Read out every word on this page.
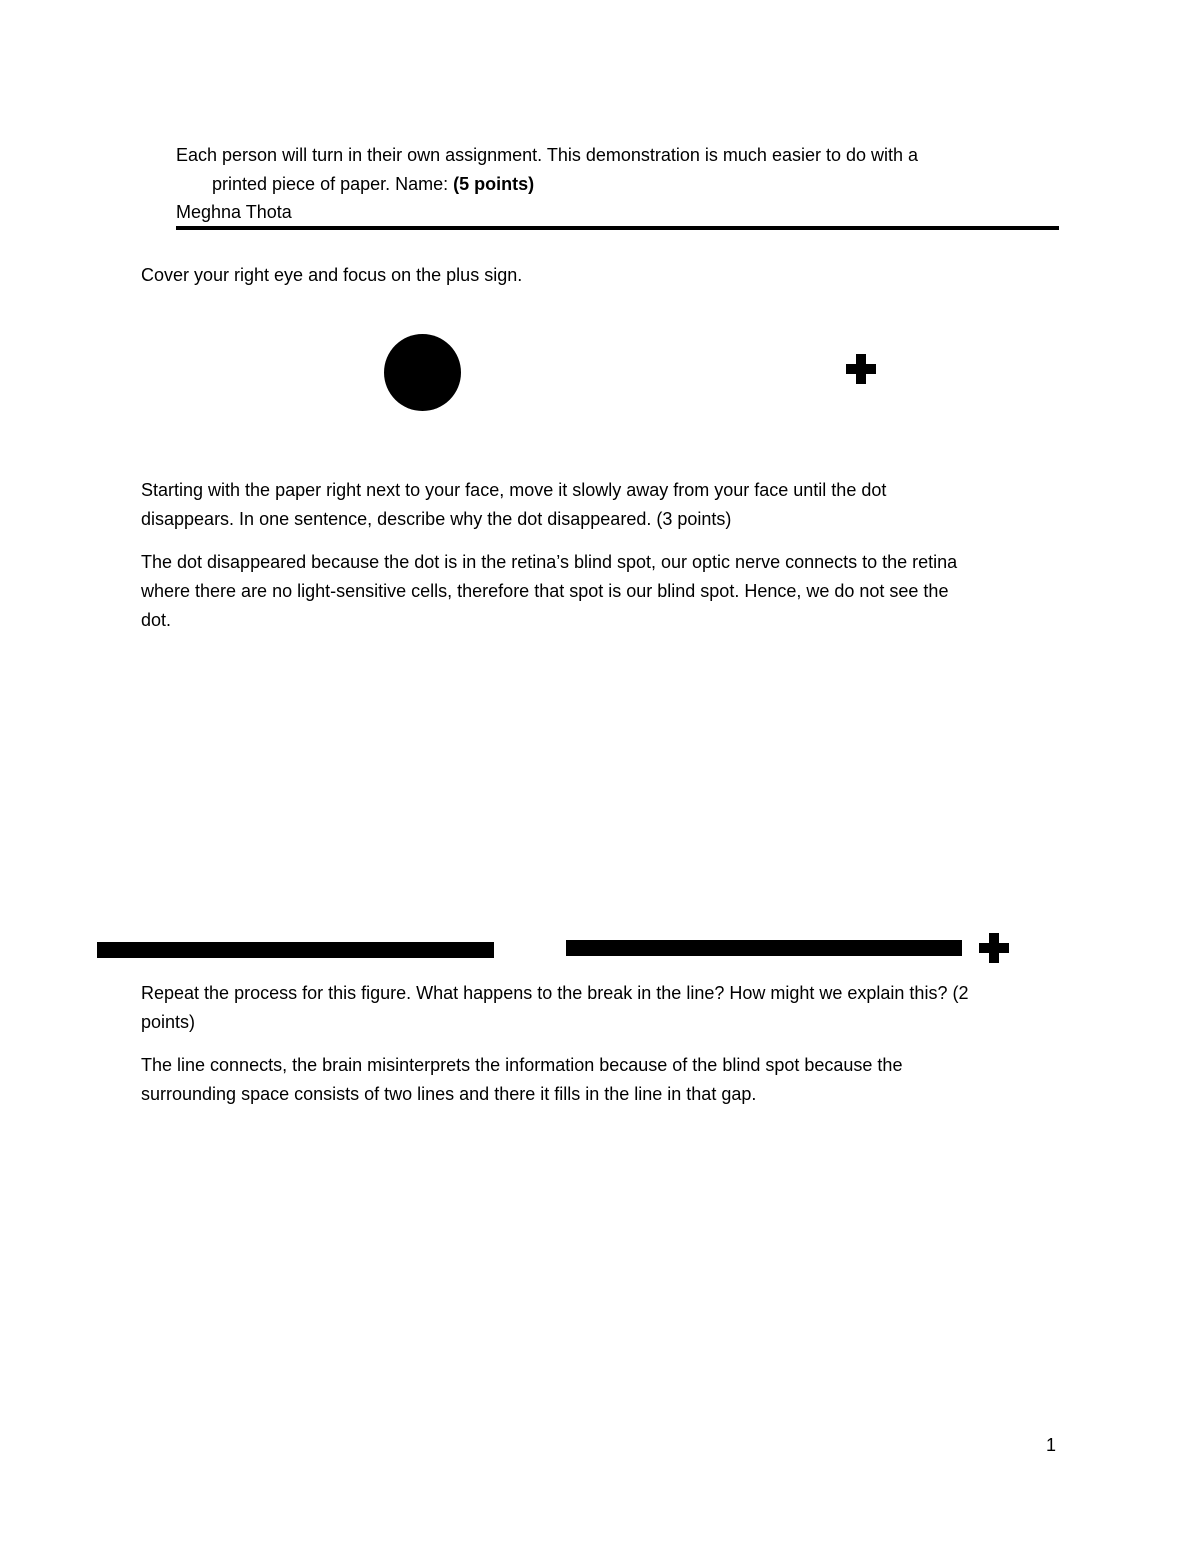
Each person will turn in their own assignment. This demonstration is much easier to do with a
printed piece of paper. Name: (5 points)
Meghna Thota
Cover your right eye and focus on the plus sign.
Starting with the paper right next to your face, move it slowly away from your face until the dot
disappears. In one sentence, describe why the dot disappeared. (3 points)
The dot disappeared because the dot is in the retina’s blind spot, our optic nerve connects to the retina
where there are no light-sensitive cells, therefore that spot is our blind spot. Hence, we do not see the
dot.
Repeat the process for this figure. What happens to the break in the line? How might we explain this? (2
points)
The line connects, the brain misinterprets the information because of the blind spot because the
surrounding space consists of two lines and there it fills in the line in that gap.
1
